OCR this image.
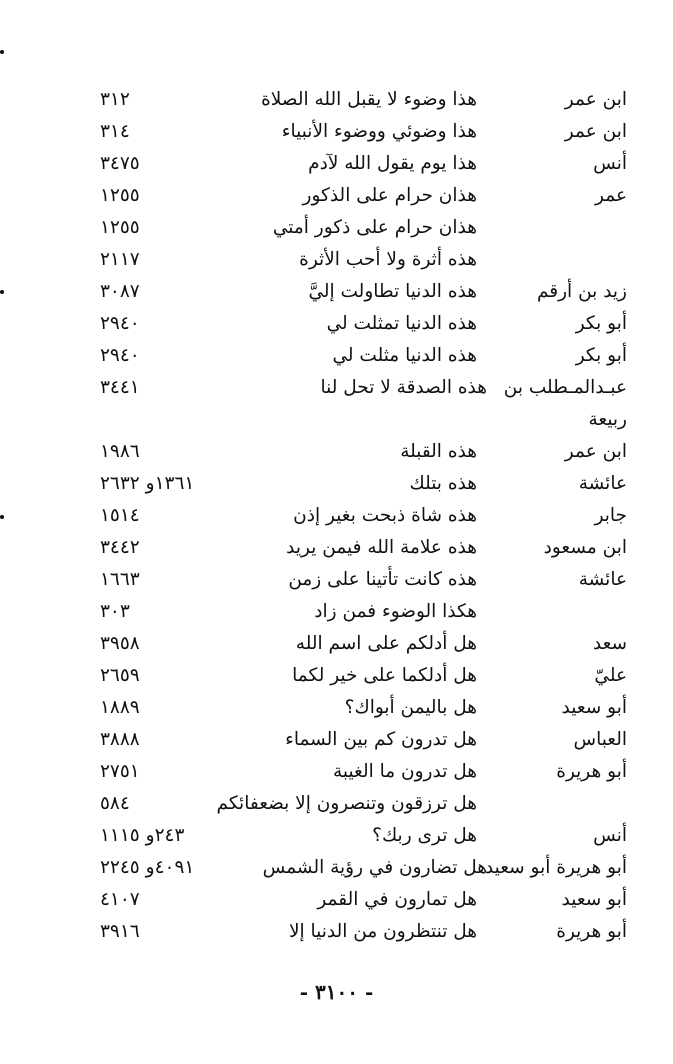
ابن عمر
هذا وضوء لا يقبل الله الصلاة
٣١٢
ابن عمر
هذا وضوئي ووضوء الأنبياء
٣١٤
أنس
هذا يوم يقول الله لآدم
٣٤٧٥
عمر
هذان حرام على الذكور
١٢٥٥
هذان حرام على ذكور أمتي
١٢٥٥
هذه أثرة ولا أحب الأثرة
٢١١٧
زيد بن أرقم
هذه الدنيا تطاولت إليَّ
٣٠٨٧
أبو بكر
هذه الدنيا تمثلت لي
٢٩٤٠
أبو بكر
هذه الدنيا مثلت لي
٢٩٤٠
عبـدالمـطلب بن
هذه الصدقة لا تحل لنا
٣٤٤١
ربيعة
ابن عمر
هذه القبلة
١٩٨٦
عائشة
هذه بتلك
١٣٦١و ٢٦٣٢
جابر
هذه شاة ذبحت بغير إذن
١٥١٤
ابن مسعود
هذه علامة الله فيمن يريد
٣٤٤٢
عائشة
هذه كانت تأتينا على زمن
١٦٦٣
هكذا الوضوء فمن زاد
٣٠٣
سعد
هل أدلكم على اسم الله
٣٩٥٨
عليّ
هل أدلكما على خير لكما
٢٦٥٩
أبو سعيد
هل باليمن أبواك؟
١٨٨٩
العباس
هل تدرون كم بين السماء
٣٨٨٨
أبو هريرة
هل تدرون ما الغيبة
٢٧٥١
هل ترزقون وتنصرون إلا بضعفائكم
٥٨٤
أنس
هل ترى ربك؟
٢٤٣و ١١١٥
أبو هريرة أبو سعيد
هل تضارون في رؤية الشمس
٤٠٩١و ٢٢٤٥
أبو سعيد
هل تمارون في القمر
٤١٠٧
أبو هريرة
هل تنتظرون من الدنيا إلا
٣٩١٦
- ٣١٠٠ -
